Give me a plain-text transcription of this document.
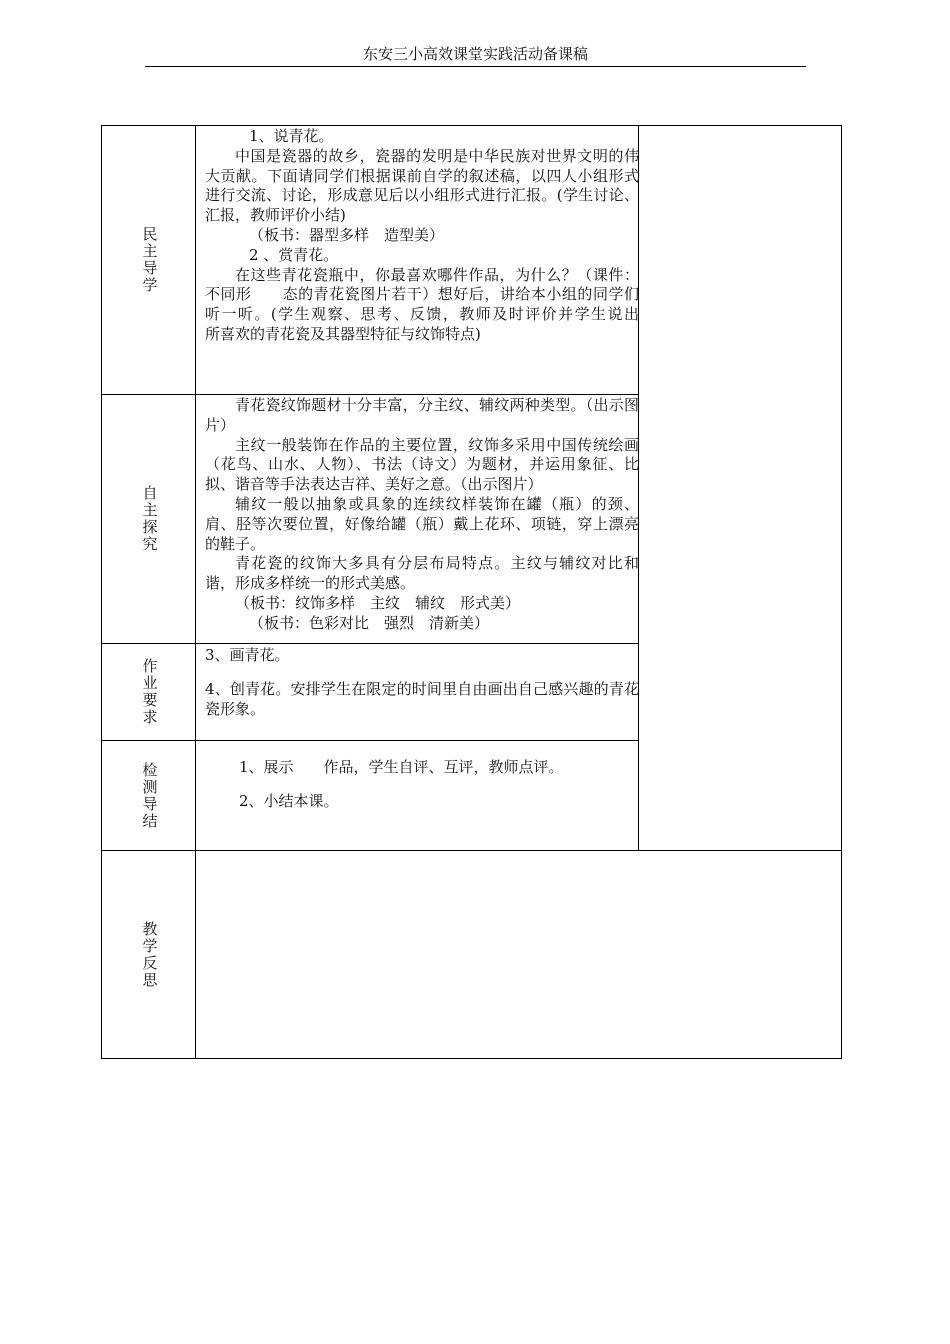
东安三小高效课堂实践活动备课稿
民主导学

1、说青花。

中国是瓷器的故乡，瓷器的发明是中华民族对世界文明的伟大贡献。下面请同学们根据课前自学的叙述稿，以四人小组形式进行交流、讨论，形成意见后以小组形式进行汇报。(学生讨论、汇报，教师评价小结)

（板书：器型多样　造型美）

2 、赏青花。

在这些青花瓷瓶中，你最喜欢哪件作品，为什么？（课件：不同形　　态的青花瓷图片若干）想好后，讲给本小组的同学们听一听。(学生观察、思考、反馈，教师及时评价并学生说出　　所喜欢的青花瓷及其器型特征与纹饰特点)

自主探究

青花瓷纹饰题材十分丰富，分主纹、辅纹两种类型。（出示图片）

主纹一般装饰在作品的主要位置，纹饰多采用中国传统绘画（花鸟、山水、人物）、书法（诗文）为题材，并运用象征、比拟、谐音等手法表达吉祥、美好之意。（出示图片）

辅纹一般以抽象或具象的连续纹样装饰在罐（瓶）的颈、肩、胫等次要位置，好像给罐（瓶）戴上花环、项链，穿上漂亮的鞋子。

青花瓷的纹饰大多具有分层布局特点。主纹与辅纹对比和谐，形成多样统一的形式美感。

（板书：纹饰多样　主纹　辅纹　形式美）

（板书：色彩对比　强烈　清新美）

作业要求

3、画青花。

4、创青花。安排学生在限定的时间里自由画出自己感兴趣的青花瓷形象。

检测导结	1、展示　　作品，学生自评、互评，教师点评。

2、小结本课。

教学反思
